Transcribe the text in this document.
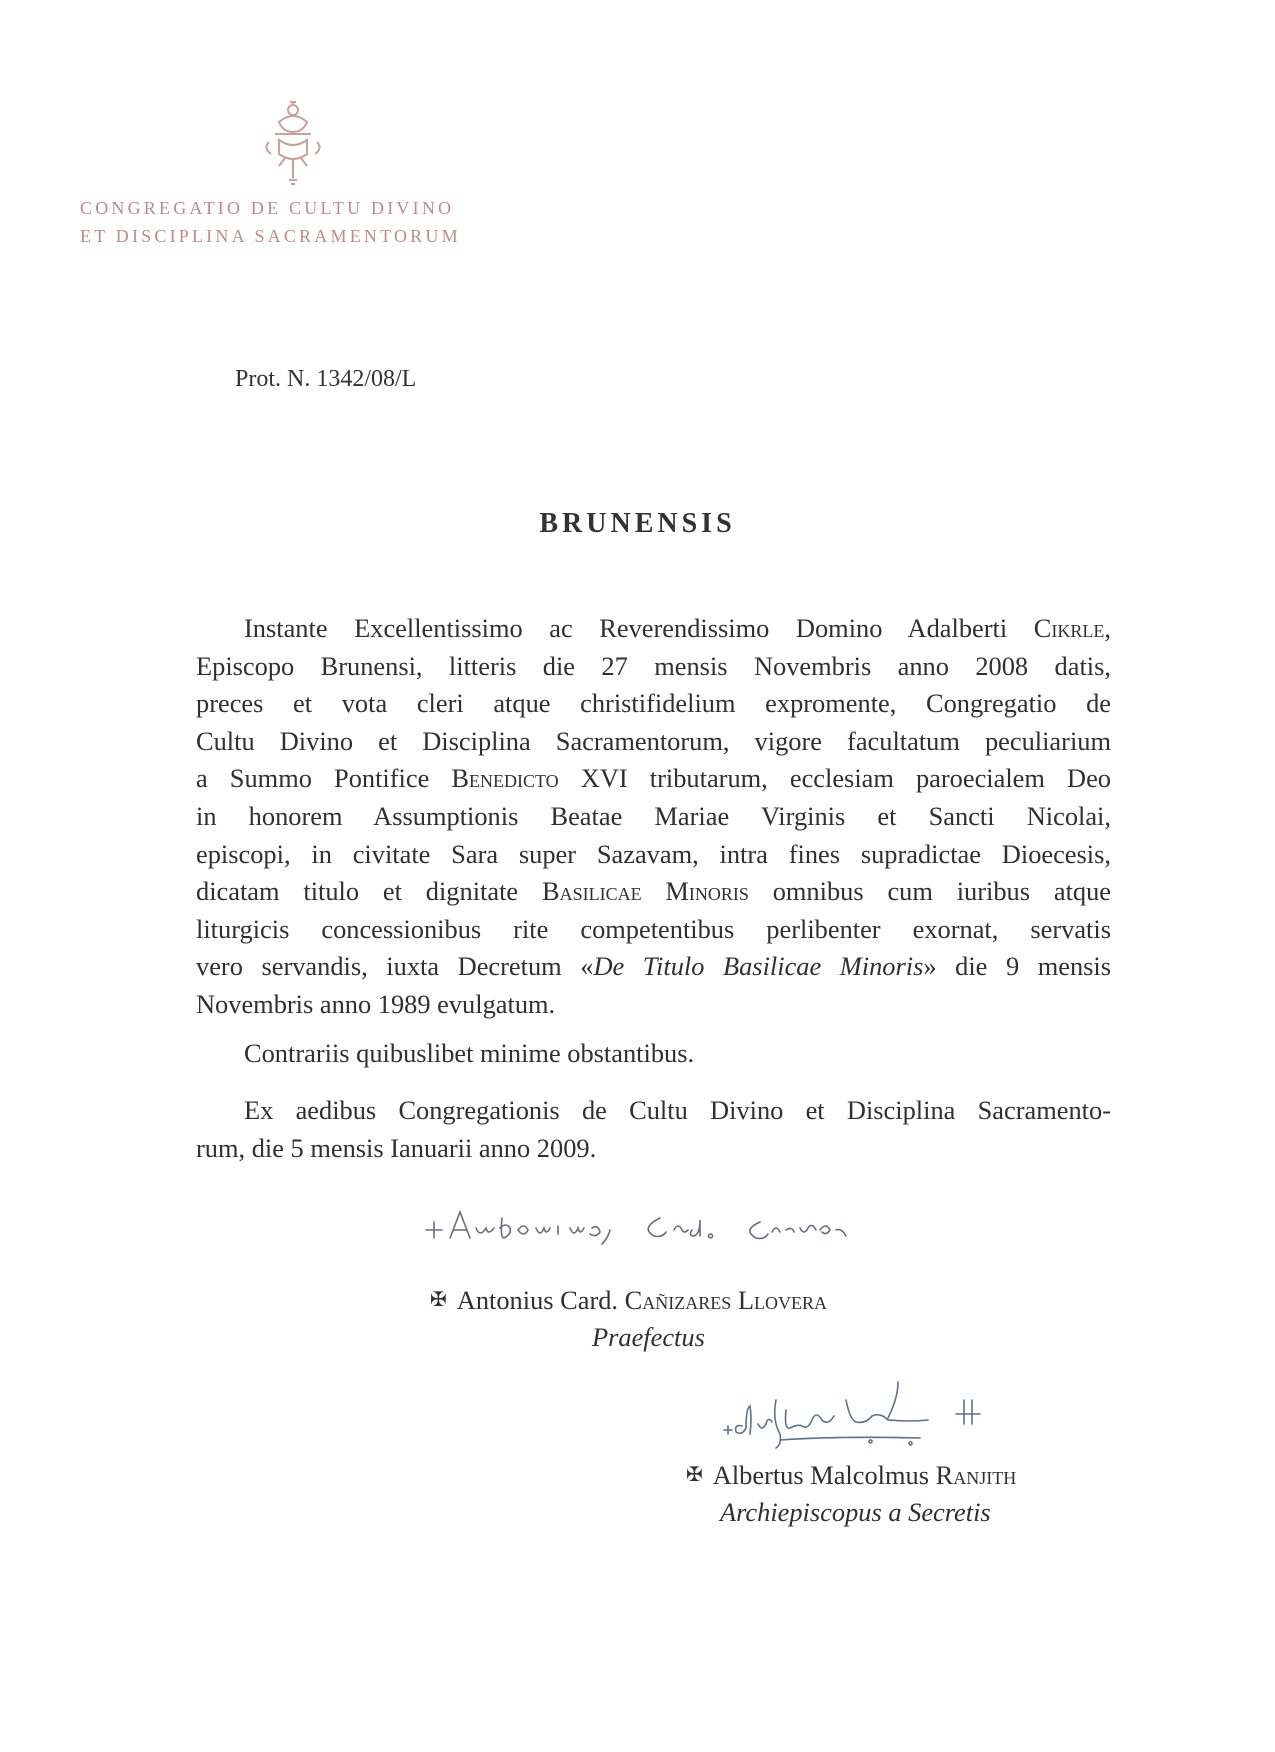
CONGREGATIO DE CULTU DIVINO
ET DISCIPLINA SACRAMENTORUM
Prot. N. 1342/08/L
BRUNENSIS

Instante Excellentissimo ac Reverendissimo Domino Adalberti Cikrle,

Episcopo Brunensi, litteris die 27 mensis Novembris anno 2008 datis,

preces et vota cleri atque christifidelium expromente, Congregatio de

Cultu Divino et Disciplina Sacramentorum, vigore facultatum peculiarium

a Summo Pontifice Benedicto XVI tributarum, ecclesiam paroecialem Deo

in honorem Assumptionis Beatae Mariae Virginis et Sancti Nicolai,

episcopi, in civitate Sara super Sazavam, intra fines supradictae Dioecesis,

dicatam titulo et dignitate Basilicae Minoris omnibus cum iuribus atque

liturgicis concessionibus rite competentibus perlibenter exornat, servatis

vero servandis, iuxta Decretum «De Titulo Basilicae Minoris» die 9 mensis

Novembris anno 1989 evulgatum.

Contrariis quibuslibet minime obstantibus.

Ex aedibus Congregationis de Cultu Divino et Disciplina Sacramento-

rum, die 5 mensis Ianuarii anno 2009.

✠ Antonius Card. Cañizares Llovera
Praefectus
✠ Albertus Malcolmus Ranjith
Archiepiscopus a Secretis
